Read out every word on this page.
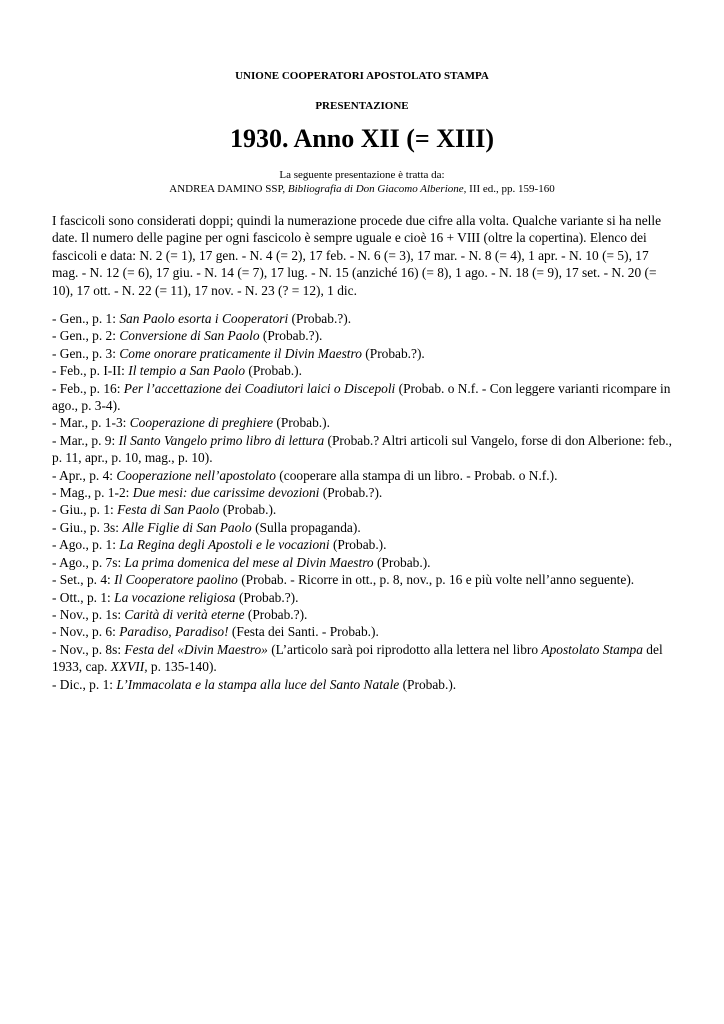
UNIONE COOPERATORI APOSTOLATO STAMPA
PRESENTAZIONE
1930. Anno XII (= XIII)
La seguente presentazione è tratta da:
ANDREA DAMINO SSP, Bibliografia di Don Giacomo Alberione, III ed., pp. 159-160
I fascicoli sono considerati doppi; quindi la numerazione procede due cifre alla volta. Qualche variante si ha nelle date. Il numero delle pagine per ogni fascicolo è sempre uguale e cioè 16 + VIII (oltre la copertina). Elenco dei fascicoli e data: N. 2 (= 1), 17 gen. - N. 4 (= 2), 17 feb. - N. 6 (= 3), 17 mar. - N. 8 (= 4), 1 apr. - N. 10 (= 5), 17 mag. - N. 12 (= 6), 17 giu. - N. 14 (= 7), 17 lug. - N. 15 (anziché 16) (= 8), 1 ago. - N. 18 (= 9), 17 set. - N. 20 (= 10), 17 ott. - N. 22 (= 11), 17 nov. - N. 23 (? = 12), 1 dic.
- Gen., p. 1: San Paolo esorta i Cooperatori (Probab.?).
- Gen., p. 2: Conversione di San Paolo (Probab.?).
- Gen., p. 3: Come onorare praticamente il Divin Maestro (Probab.?).
- Feb., p. I-II: Il tempio a San Paolo (Probab.).
- Feb., p. 16: Per l’accettazione dei Coadiutori laici o Discepoli (Probab. o N.f. - Con leggere varianti ricompare in ago., p. 3-4).
- Mar., p. 1-3: Cooperazione di preghiere (Probab.).
- Mar., p. 9: Il Santo Vangelo primo libro di lettura (Probab.? Altri articoli sul Vangelo, forse di don Alberione: feb., p. 11, apr., p. 10, mag., p. 10).
- Apr., p. 4: Cooperazione nell’apostolato (cooperare alla stampa di un libro. - Probab. o N.f.).
- Mag., p. 1-2: Due mesi: due carissime devozioni (Probab.?).
- Giu., p. 1: Festa di San Paolo (Probab.).
- Giu., p. 3s: Alle Figlie di San Paolo (Sulla propaganda).
- Ago., p. 1: La Regina degli Apostoli e le vocazioni (Probab.).
- Ago., p. 7s: La prima domenica del mese al Divin Maestro (Probab.).
- Set., p. 4: Il Cooperatore paolino (Probab. - Ricorre in ott., p. 8, nov., p. 16 e più volte nell’anno seguente).
- Ott., p. 1: La vocazione religiosa (Probab.?).
- Nov., p. 1s: Carità di verità eterne (Probab.?).
- Nov., p. 6: Paradiso, Paradiso! (Festa dei Santi. - Probab.).
- Nov., p. 8s: Festa del «Divin Maestro» (L’articolo sarà poi riprodotto alla lettera nel libro Apostolato Stampa del 1933, cap. XXVII, p. 135-140).
- Dic., p. 1: L’Immacolata e la stampa alla luce del Santo Natale (Probab.).
